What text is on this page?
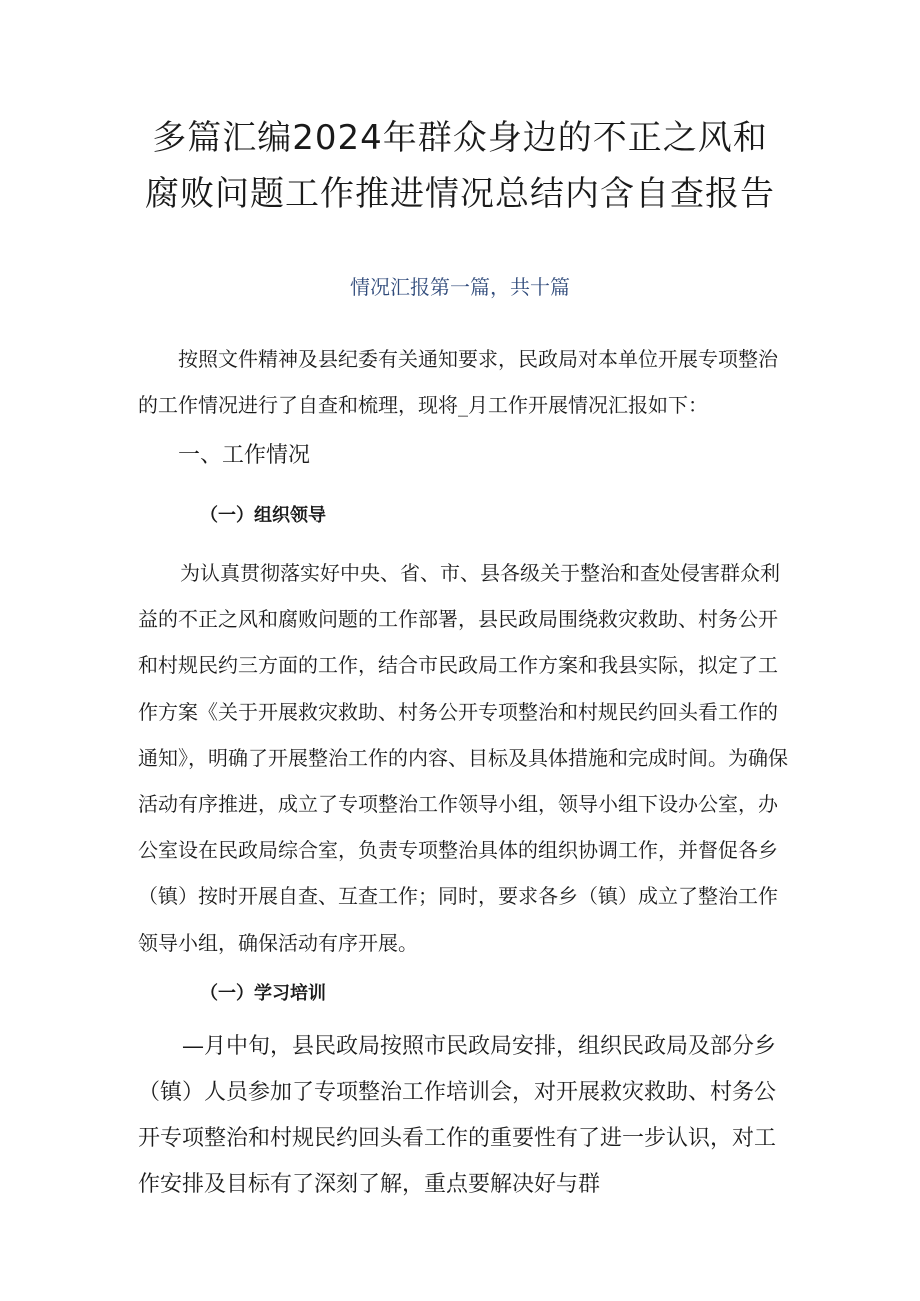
多篇汇编2024年群众身边的不正之风和腐败问题工作推进情况总结内含自查报告

情况汇报第一篇，共十篇

按照文件精神及县纪委有关通知要求，民政局对本单位开展专项整治的工作情况进行了自查和梳理，现将_月工作开展情况汇报如下：

一、工作情况
（一）组织领导

为认真贯彻落实好中央、省、市、县各级关于整治和查处侵害群众利益的不正之风和腐败问题的工作部署，县民政局围绕救灾救助、村务公开和村规民约三方面的工作，结合市民政局工作方案和我县实际，拟定了工作方案《关于开展救灾救助、村务公开专项整治和村规民约回头看工作的通知》，明确了开展整治工作的内容、目标及具体措施和完成时间。为确保活动有序推进，成立了专项整治工作领导小组，领导小组下设办公室，办公室设在民政局综合室，负责专项整治具体的组织协调工作，并督促各乡（镇）按时开展自查、互查工作；同时，要求各乡（镇）成立了整治工作领导小组，确保活动有序开展。

（一）学习培训

—月中旬，县民政局按照市民政局安排，组织民政局及部分乡（镇）人员参加了专项整治工作培训会，对开展救灾救助、村务公开专项整治和村规民约回头看工作的重要性有了进一步认识，对工作安排及目标有了深刻了解，重点要解决好与群
